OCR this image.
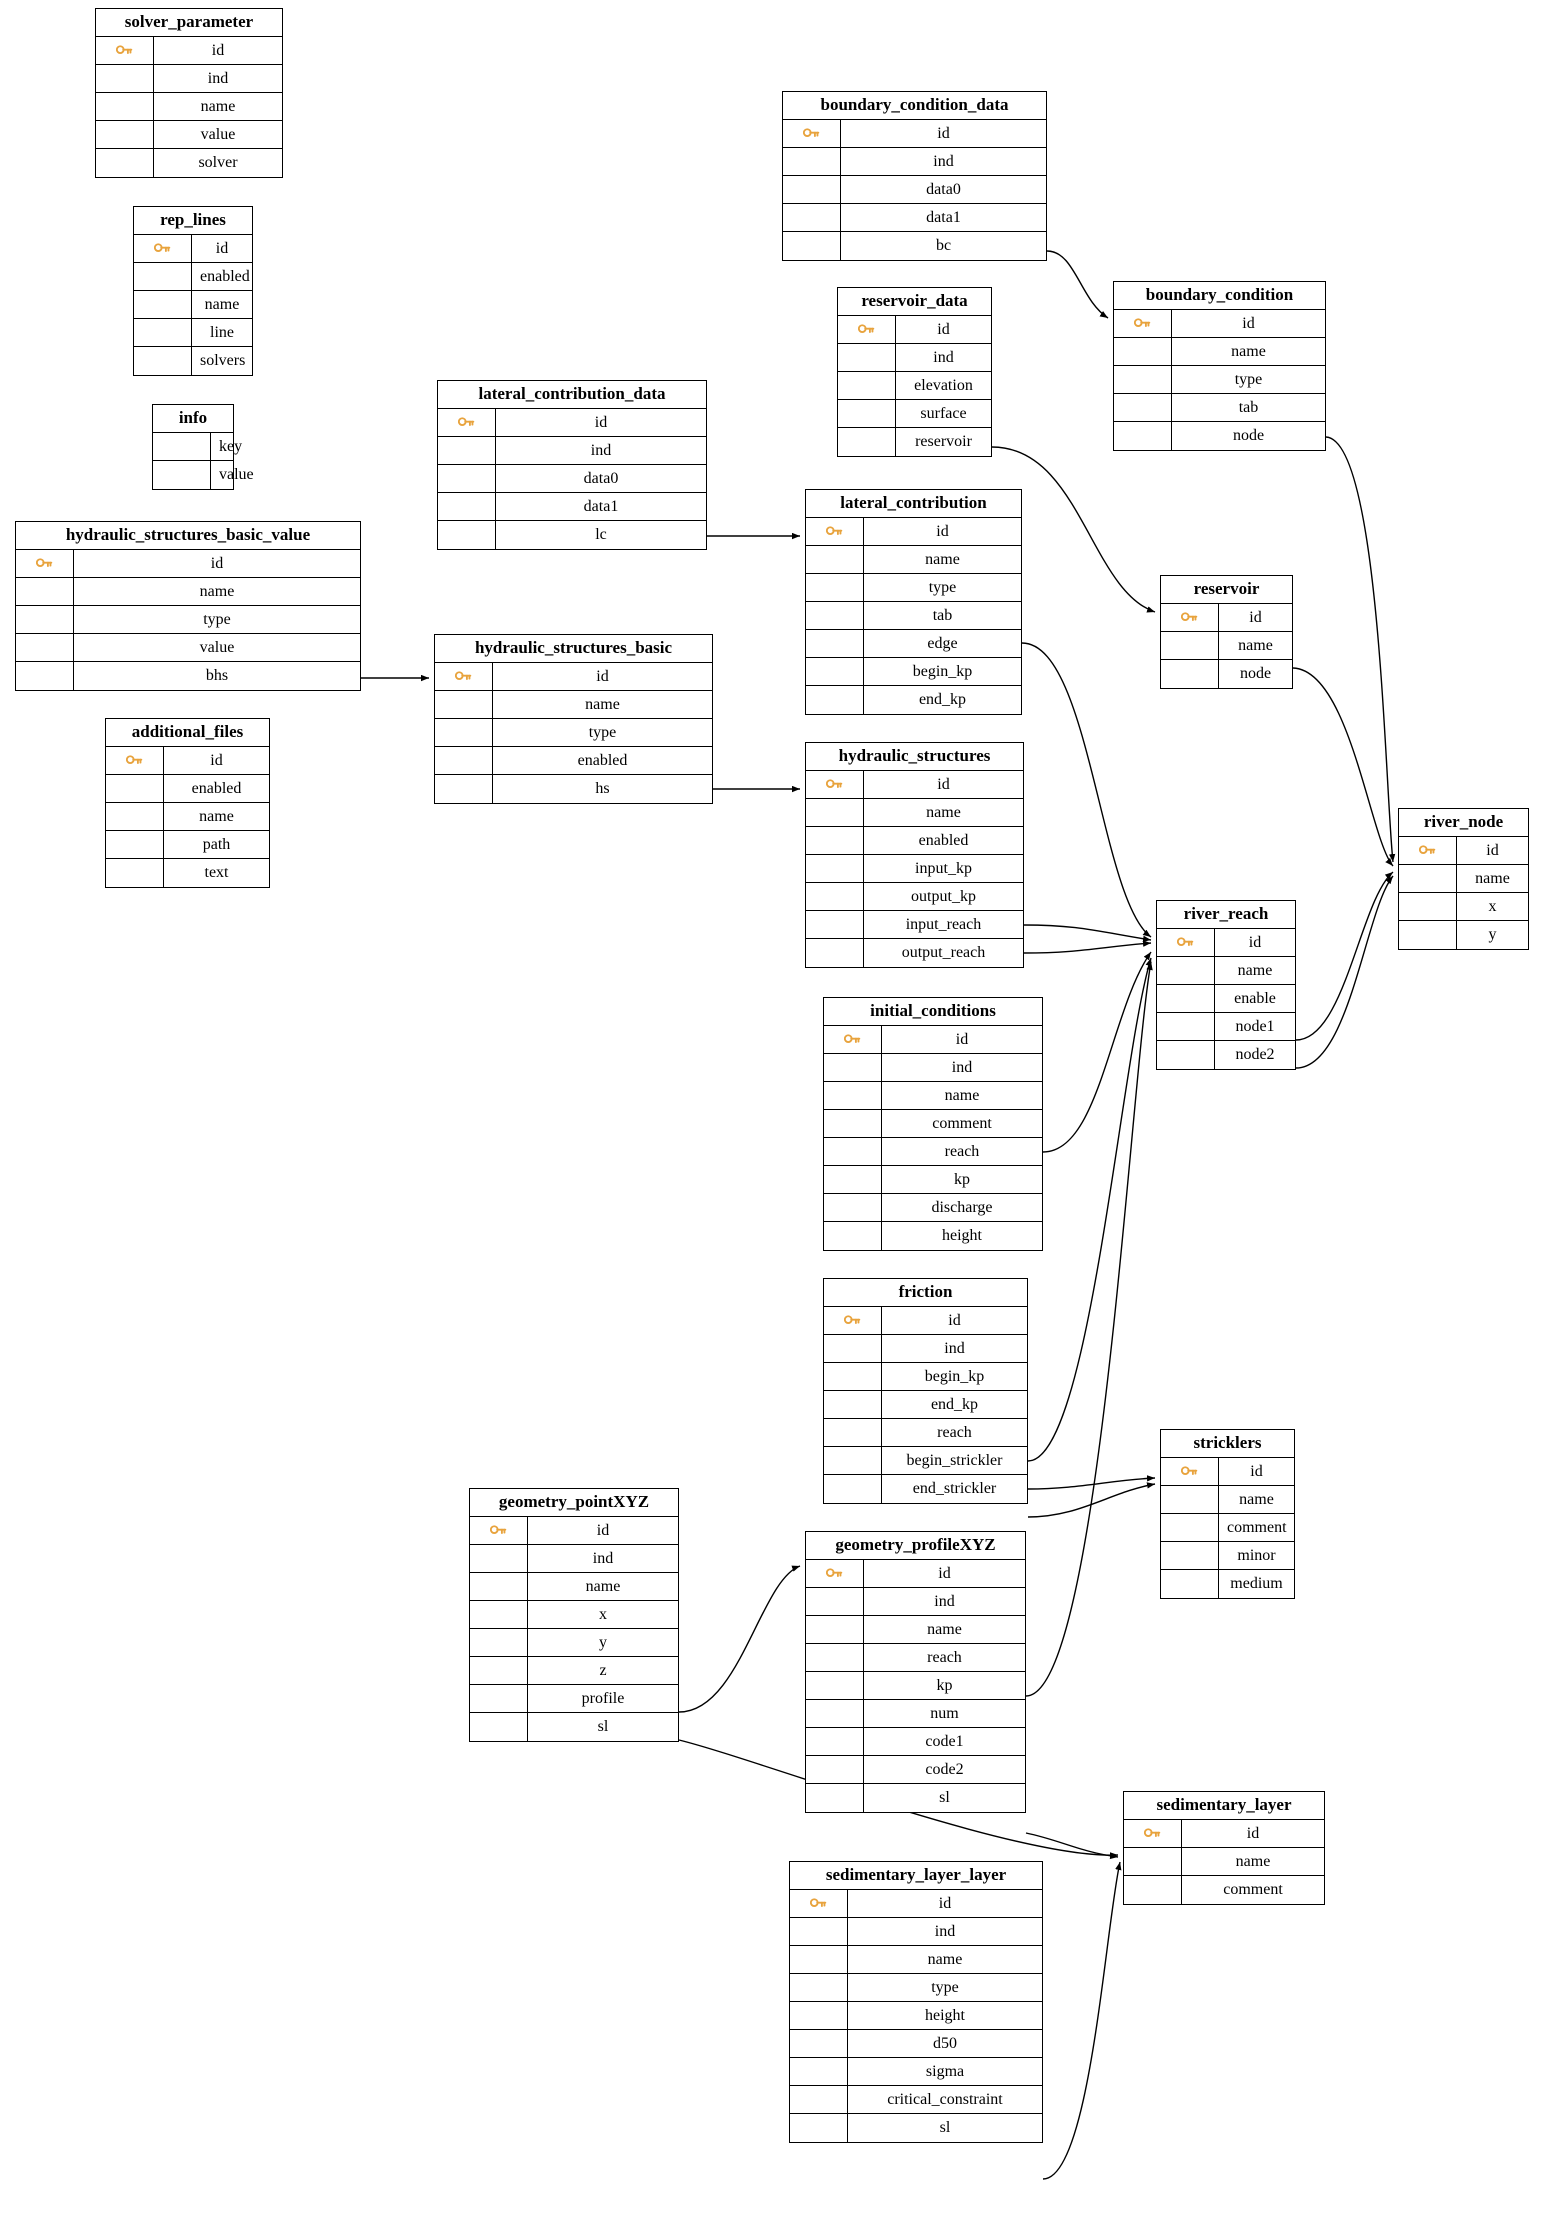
solver_parameter
id
ind
name
value
solver
rep_lines
id
enabled
name
line
solvers
info
key
value
hydraulic_structures_basic_value
id
name
type
value
bhs
additional_files
id
enabled
name
path
text
lateral_contribution_data
id
ind
data0
data1
lc
hydraulic_structures_basic
id
name
type
enabled
hs
boundary_condition_data
id
ind
data0
data1
bc
reservoir_data
id
ind
elevation
surface
reservoir
lateral_contribution
id
name
type
tab
edge
begin_kp
end_kp
hydraulic_structures
id
name
enabled
input_kp
output_kp
input_reach
output_reach
initial_conditions
id
ind
name
comment
reach
kp
discharge
height
friction
id
ind
begin_kp
end_kp
reach
begin_strickler
end_strickler
geometry_pointXYZ
id
ind
name
x
y
z
profile
sl
geometry_profileXYZ
id
ind
name
reach
kp
num
code1
code2
sl
sedimentary_layer_layer
id
ind
name
type
height
d50
sigma
critical_constraint
sl
boundary_condition
id
name
type
tab
node
reservoir
id
name
node
river_reach
id
name
enable
node1
node2
river_node
id
name
x
y
stricklers
id
name
comment
minor
medium
sedimentary_layer
id
name
comment
